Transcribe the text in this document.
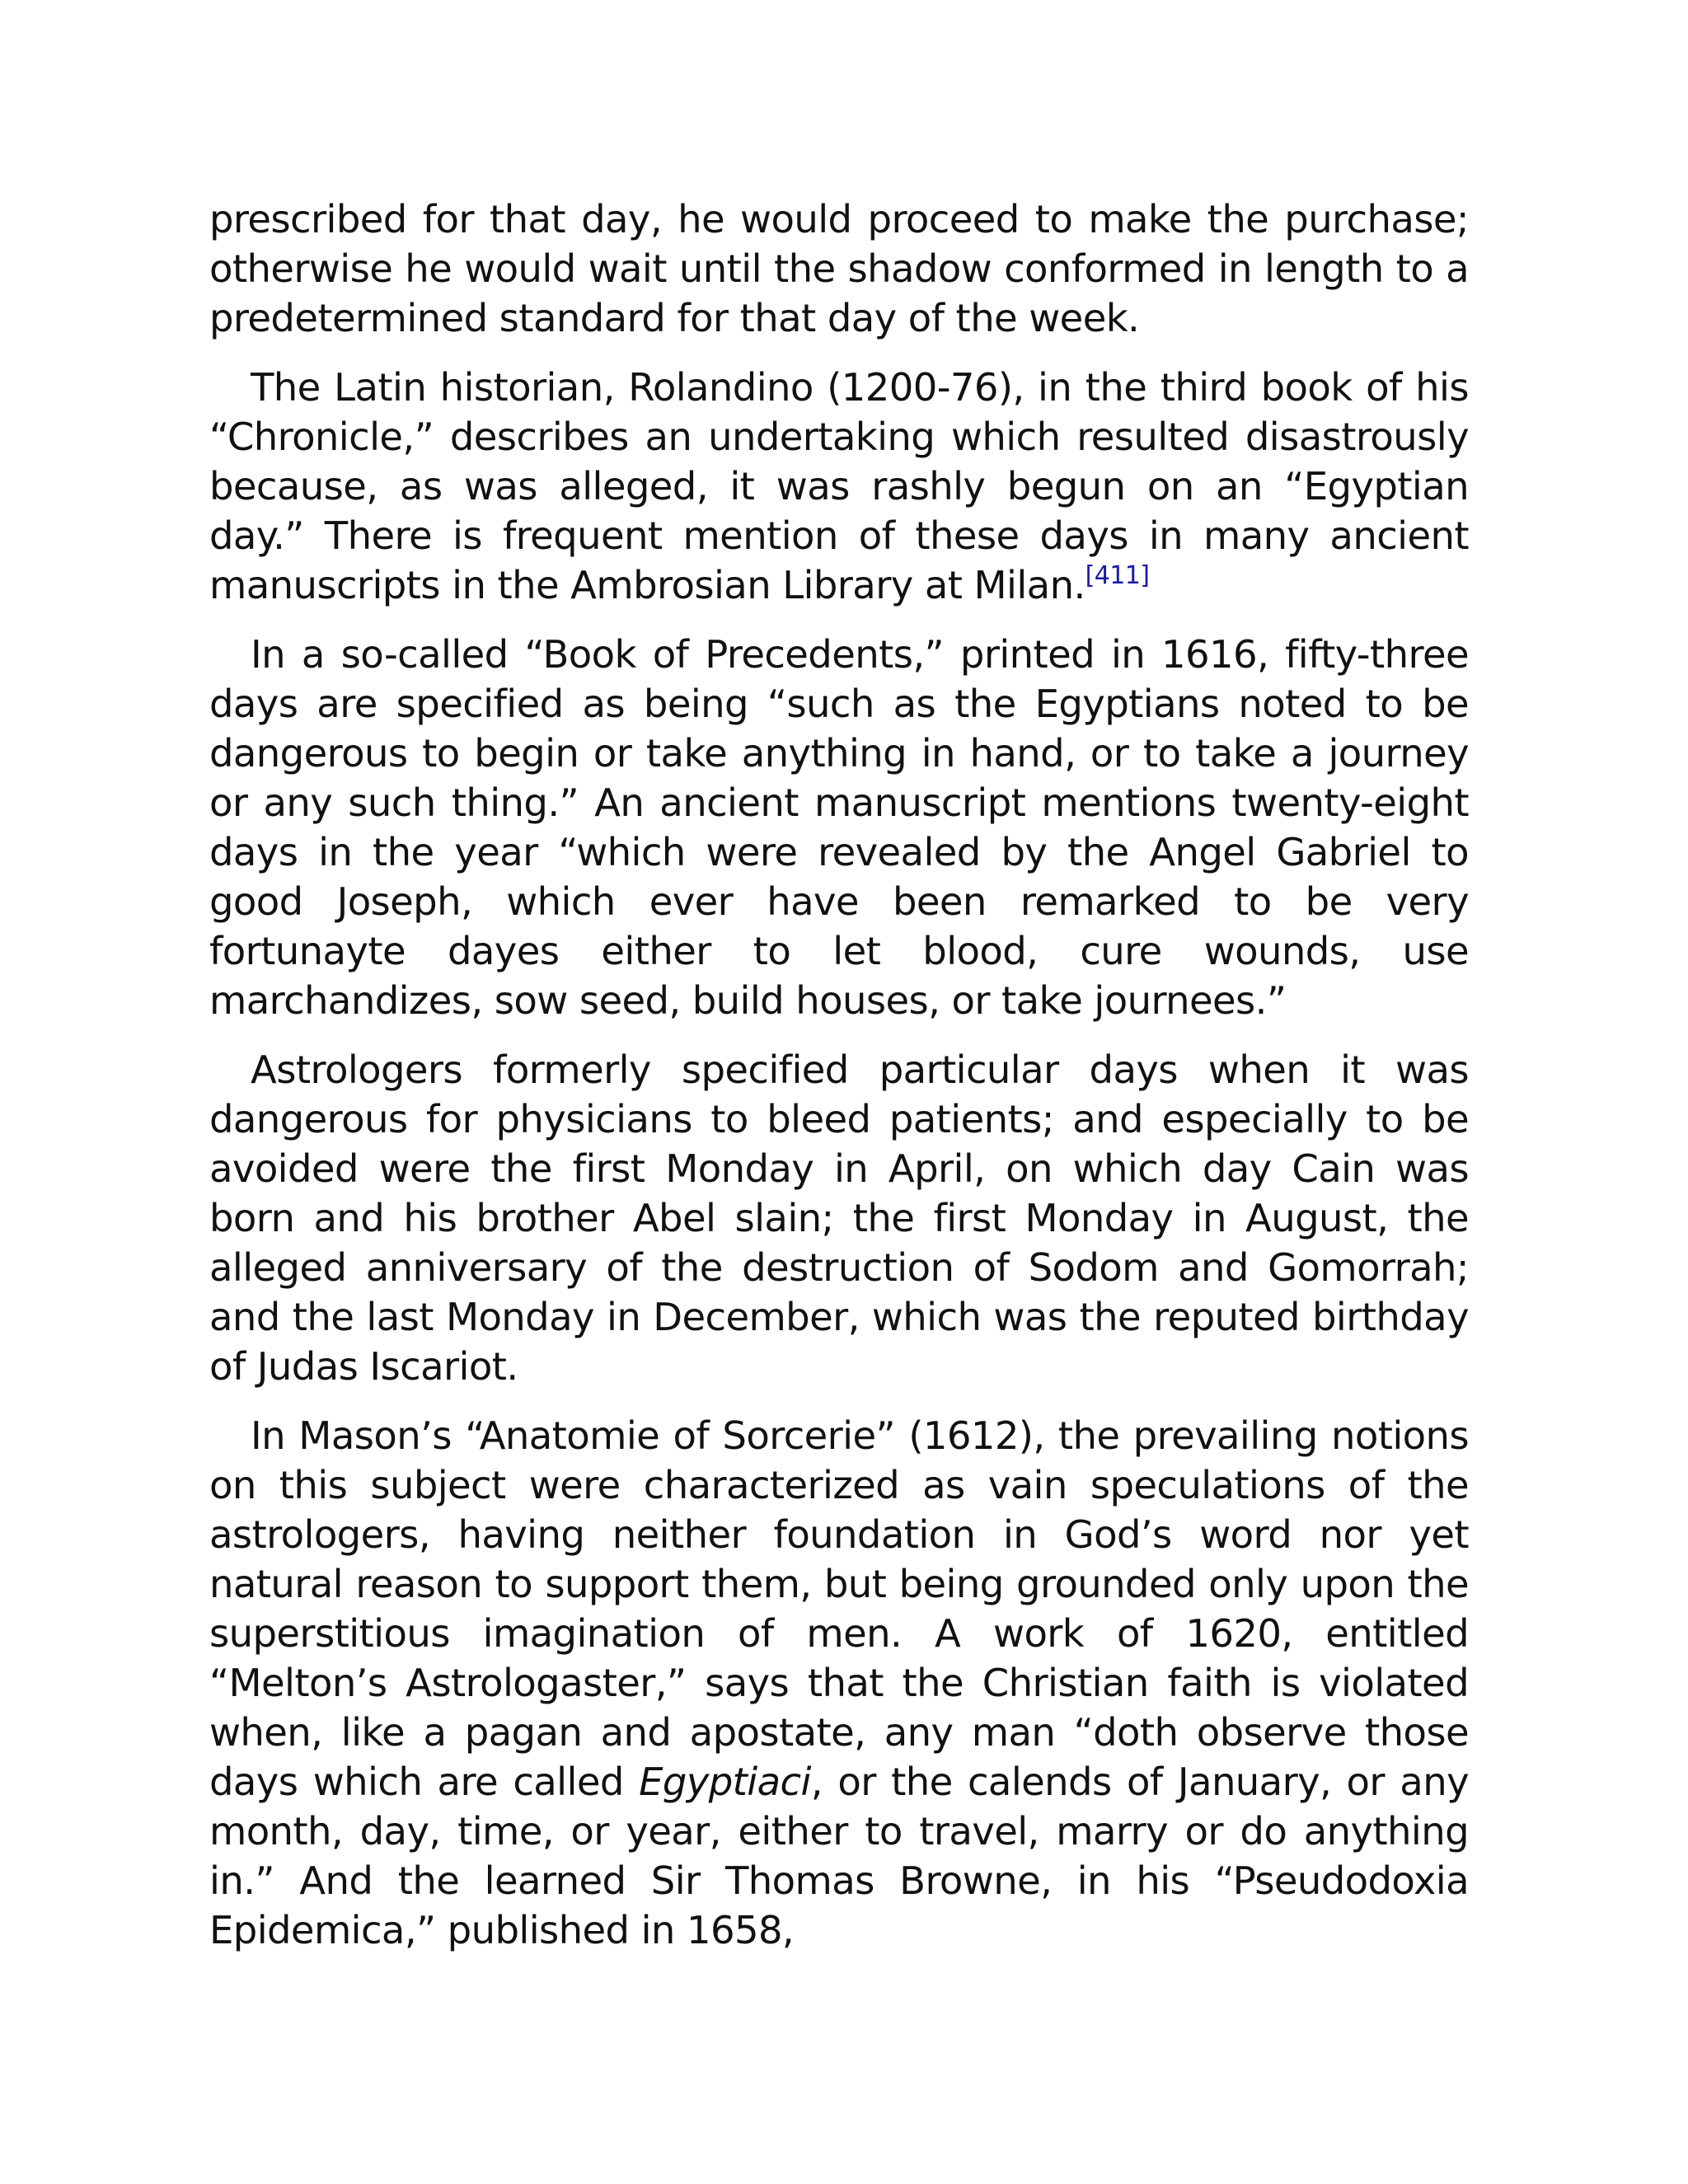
prescribed for that day, he would proceed to make the purchase; otherwise he would wait until the shadow conformed in length to a predetermined standard for that day of the week.

The Latin historian, Rolandino (1200-76), in the third book of his “Chronicle,” describes an undertaking which resulted disastrously because, as was alleged, it was rashly begun on an “Egyptian day.” There is frequent mention of these days in many ancient manuscripts in the Ambrosian Library at Milan.[411]

In a so-called “Book of Precedents,” printed in 1616, fifty-three days are specified as being “such as the Egyptians noted to be dangerous to begin or take anything in hand, or to take a journey or any such thing.” An ancient manuscript mentions twenty-eight days in the year “which were revealed by the Angel Gabriel to good Joseph, which ever have been remarked to be very fortunayte dayes either to let blood, cure wounds, use marchandizes, sow seed, build houses, or take journees.”

Astrologers formerly specified particular days when it was dangerous for physicians to bleed patients; and especially to be avoided were the first Monday in April, on which day Cain was born and his brother Abel slain; the first Monday in August, the alleged anniversary of the destruction of Sodom and Gomorrah; and the last Monday in December, which was the reputed birthday of Judas Iscariot.

In Mason’s “Anatomie of Sorcerie” (1612), the prevailing notions on this subject were characterized as vain speculations of the astrologers, having neither foundation in God’s word nor yet natural reason to support them, but being grounded only upon the superstitious imagination of men. A work of 1620, entitled “Melton’s Astrologaster,” says that the Christian faith is violated when, like a pagan and apostate, any man “doth observe those days which are called Egyptiaci, or the calends of January, or any month, day, time, or year, either to travel, marry or do anything in.” And the learned Sir Thomas Browne, in his “Pseudodoxia Epidemica,” published in 1658,
